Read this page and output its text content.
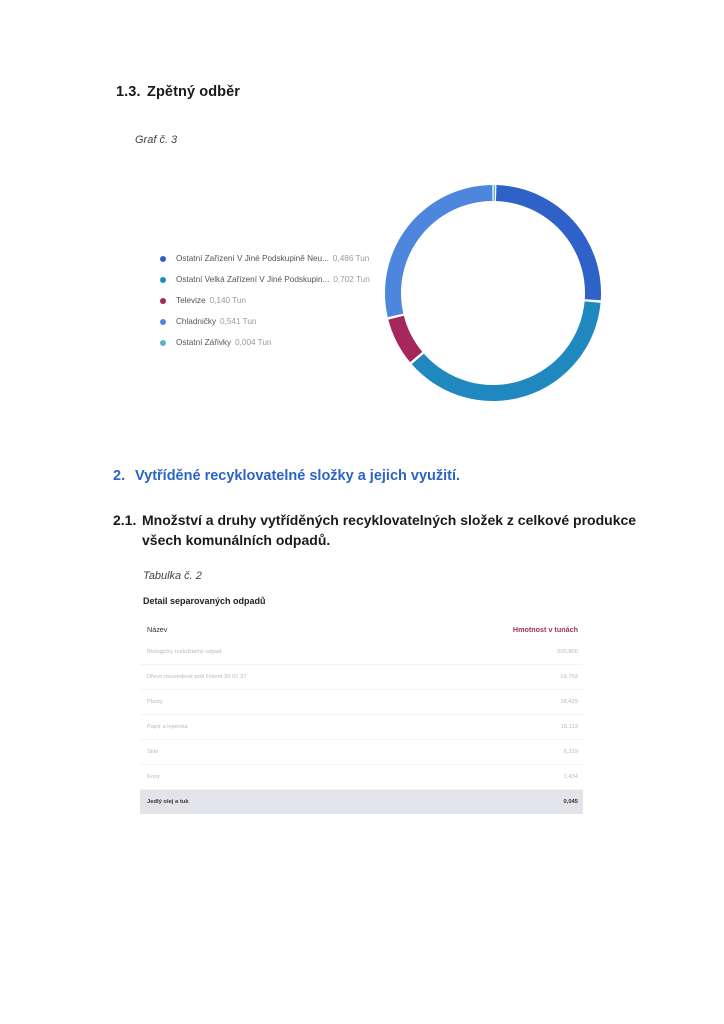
1.3. Zpětný odběr
Graf č. 3
Ostatní Zařízení V Jiné Podskupině Neu... 0,486 Tun
Ostatní Velká Zařízení V Jiné Podskupin... 0,702 Tun
Televize 0,140 Tun
Chladničky 0,541 Tun
Ostatní Zářivky 0,004 Tun
2. Vytříděné recyklovatelné složky a jejich využití.
2.1. Množství a druhy vytříděných recyklovatelných složek z celkové produkce všech komunálních odpadů.
Tabulka č. 2
Detail separovaných odpadů
Název	Hmotnost v tunách
Biologicky rozložitelný odpad	200,800
Dřevo neuvedené pod číslem 20 01 37	19,703
Plasty	18,429
Papír a lepenka	15,113
Sklo	8,319
Kovy	1,434
Jedlý olej a tuk	0,045
